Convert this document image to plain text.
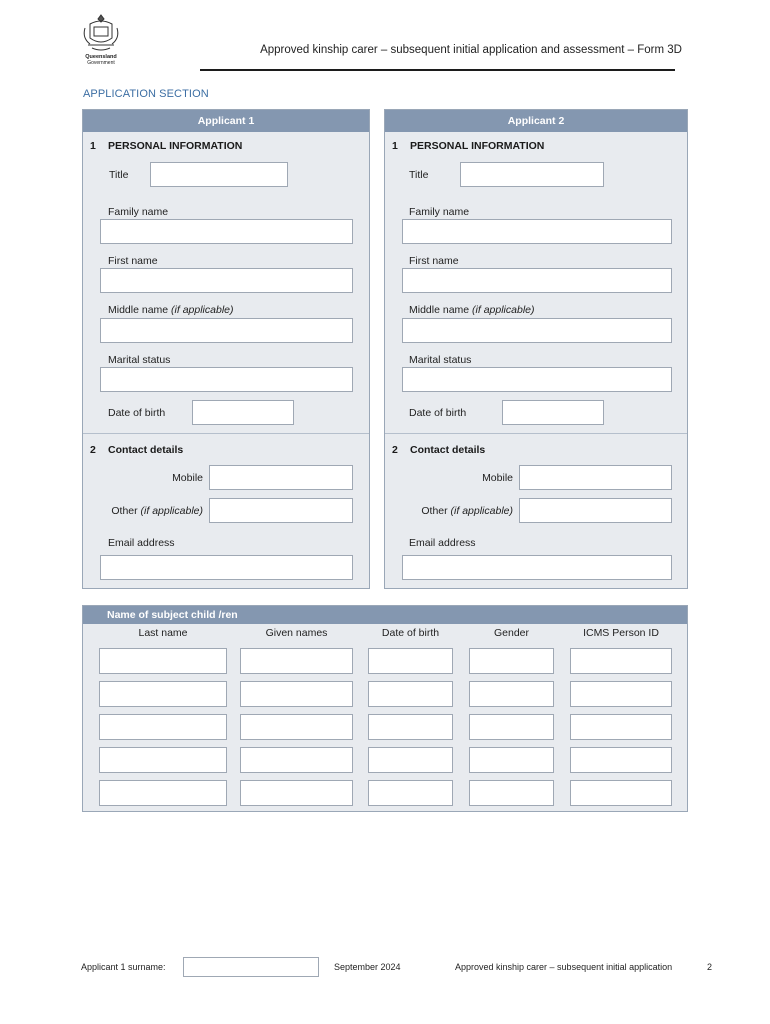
Queensland
Government
Approved kinship carer – subsequent initial application and assessment – Form 3D
APPLICATION SECTION
Applicant 1
1 PERSONAL INFORMATION
Title
Family name
First name
Middle name (if applicable)
Marital status
Date of birth
2 Contact details
Mobile
Other (if applicable)
Email address
Applicant 2
1 PERSONAL INFORMATION
Title
Family name
First name
Middle name (if applicable)
Marital status
Date of birth
2 Contact details
Mobile
Other (if applicable)
Email address
Name of subject child /ren
Last name	Given names	Date of birth	Gender	ICMS Person ID
Applicant 1 surname:	September 2024	Approved kinship carer – subsequent initial application	2
